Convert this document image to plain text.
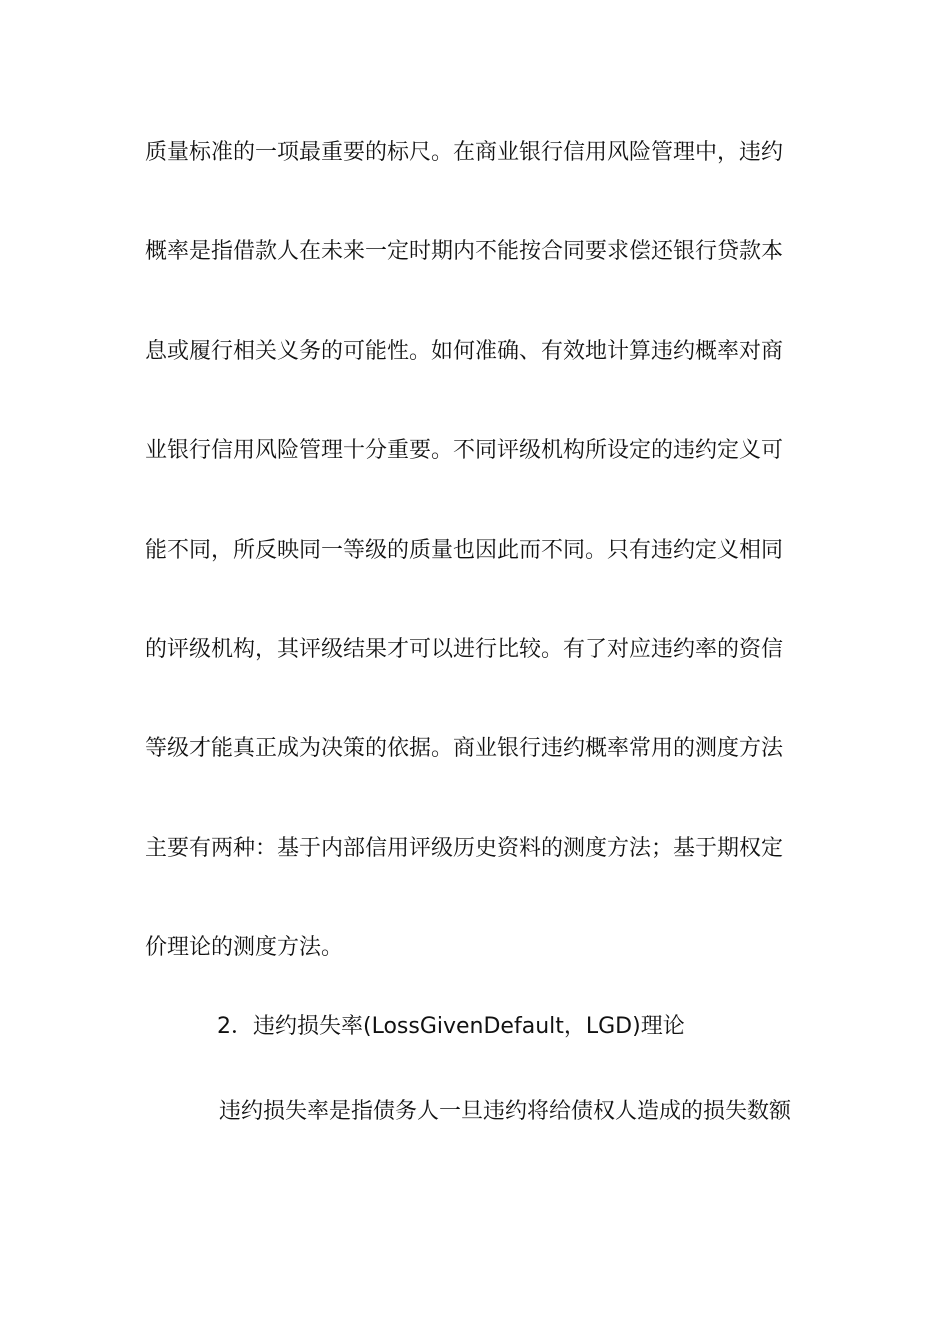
质量标准的一项最重要的标尺。在商业银行信用风险管理中，违约
概率是指借款人在未来一定时期内不能按合同要求偿还银行贷款本
息或履行相关义务的可能性。如何准确、有效地计算违约概率对商
业银行信用风险管理十分重要。不同评级机构所设定的违约定义可
能不同，所反映同一等级的质量也因此而不同。只有违约定义相同
的评级机构，其评级结果才可以进行比较。有了对应违约率的资信
等级才能真正成为决策的依据。商业银行违约概率常用的测度方法
主要有两种：基于内部信用评级历史资料的测度方法；基于期权定
价理论的测度方法。
2．违约损失率(LossGivenDefault，LGD)理论
违约损失率是指债务人一旦违约将给债权人造成的损失数额
